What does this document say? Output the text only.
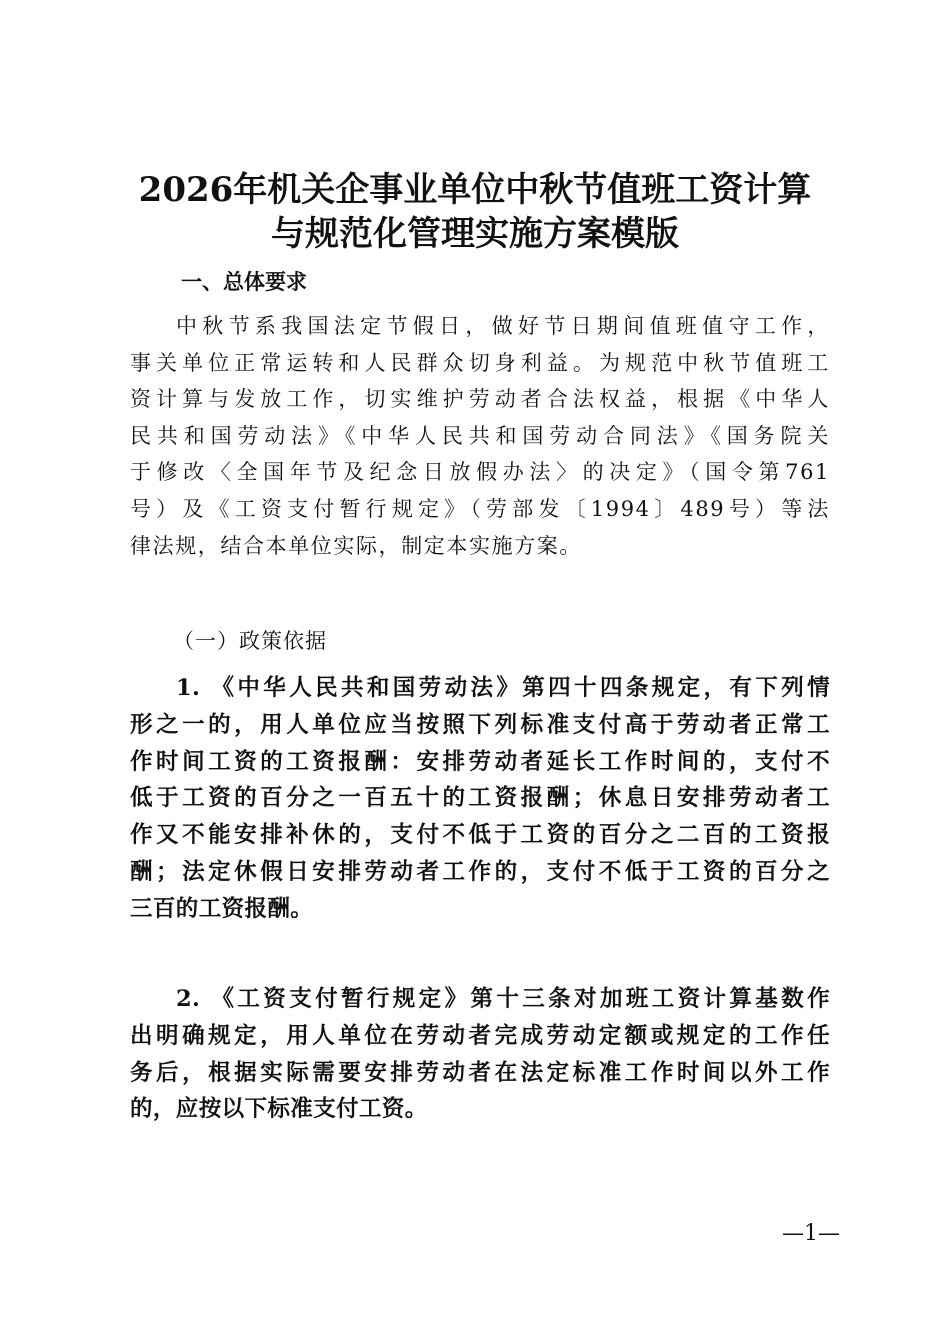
2026年机关企事业单位中秋节值班工资计算
与规范化管理实施方案模版
一、总体要求
中秋节系我国法定节假日，做好节日期间值班值守工作，
事关单位正常运转和人民群众切身利益。为规范中秋节值班工
资计算与发放工作，切实维护劳动者合法权益，根据《中华人
民共和国劳动法》《中华人民共和国劳动合同法》《国务院关
于修改〈全国年节及纪念日放假办法〉的决定》（国令第761
号）及《工资支付暂行规定》（劳部发〔1994〕489号）等法
律法规，结合本单位实际，制定本实施方案。
（一）政策依据
1. 《中华人民共和国劳动法》第四十四条规定，有下列情
形之一的，用人单位应当按照下列标准支付高于劳动者正常工
作时间工资的工资报酬：安排劳动者延长工作时间的，支付不
低于工资的百分之一百五十的工资报酬；休息日安排劳动者工
作又不能安排补休的，支付不低于工资的百分之二百的工资报
酬；法定休假日安排劳动者工作的，支付不低于工资的百分之
三百的工资报酬。
2. 《工资支付暂行规定》第十三条对加班工资计算基数作
出明确规定，用人单位在劳动者完成劳动定额或规定的工作任
务后，根据实际需要安排劳动者在法定标准工作时间以外工作
的，应按以下标准支付工资。
—1—
